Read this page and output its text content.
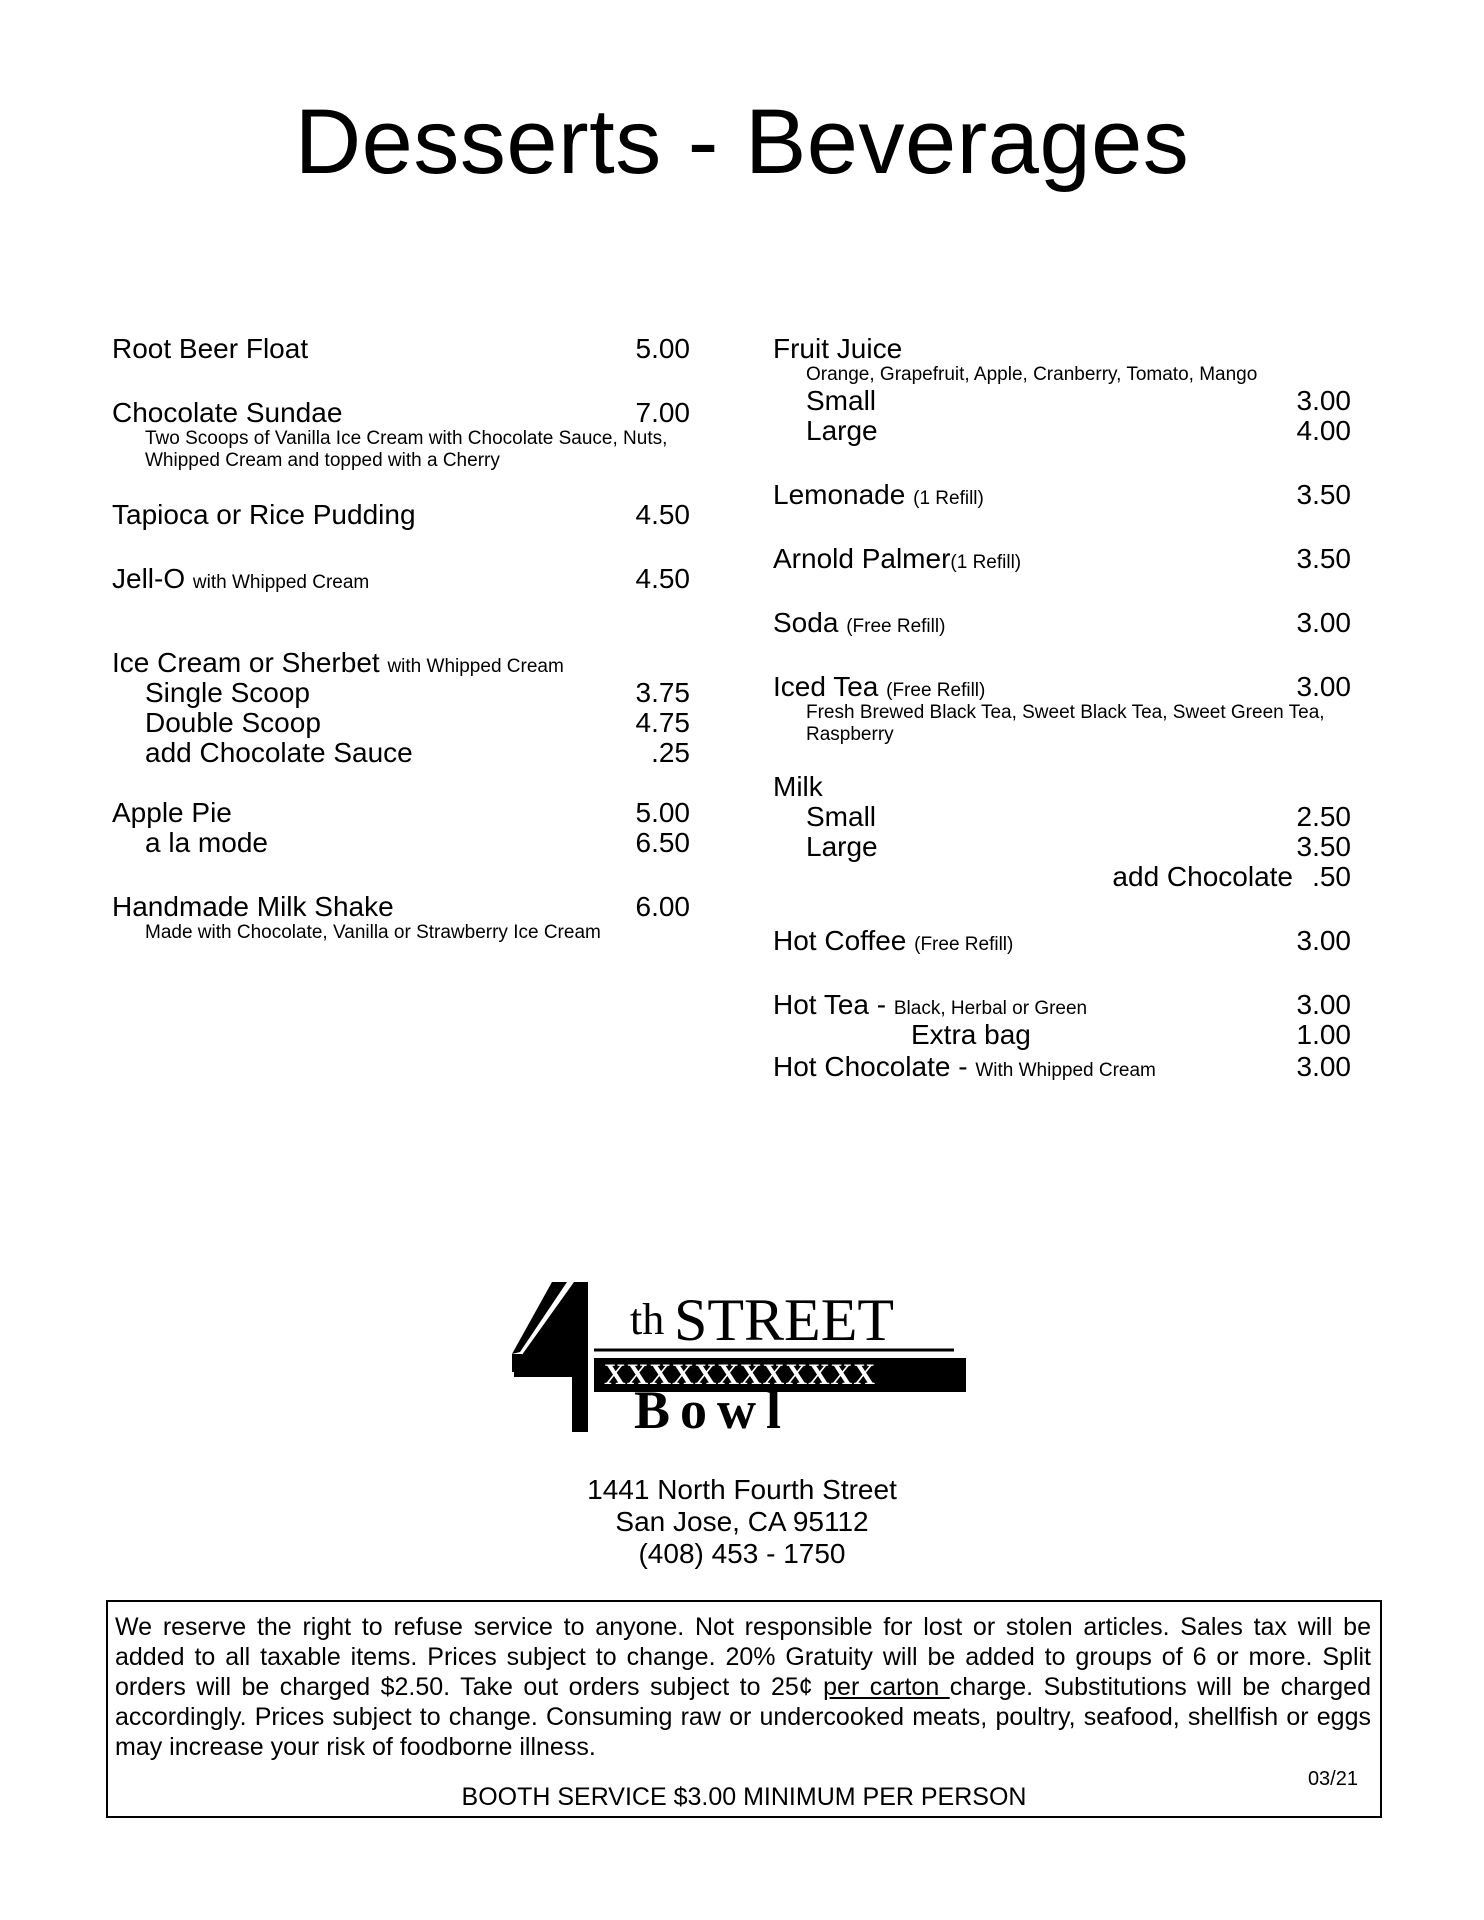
Desserts - Beverages
Root Beer Float	5.00
Chocolate Sundae	7.00
Two Scoops of Vanilla Ice Cream with Chocolate Sauce, Nuts,
Whipped Cream and topped with a Cherry
Tapioca or Rice Pudding	4.50
Jell-O with Whipped Cream	4.50
Ice Cream or Sherbet with Whipped Cream
Single Scoop	3.75
Double Scoop	4.75
add Chocolate Sauce	.25
Apple Pie	5.00
a la mode	6.50
Handmade Milk Shake	6.00
Made with Chocolate, Vanilla or Strawberry Ice Cream
Fruit Juice
Orange, Grapefruit, Apple, Cranberry, Tomato, Mango
Small	3.00
Large	4.00
Lemonade (1 Refill)	3.50
Arnold Palmer(1 Refill)	3.50
Soda (Free Refill)	3.00
Iced Tea (Free Refill)	3.00
Fresh Brewed Black Tea, Sweet Black Tea, Sweet Green Tea,
Raspberry
Milk
Small	2.50
Large	3.50
add Chocolate .50
Hot Coffee (Free Refill)	3.00
Hot Tea - Black, Herbal or Green	3.00
Extra bag	1.00
Hot Chocolate - With Whipped Cream	3.00
4
th STREET
XXXXXXXXXXXX
Bowl
1441 North Fourth Street
San Jose, CA 95112
(408) 453 - 1750
We reserve the right to refuse service to anyone. Not responsible for lost or stolen articles. Sales tax will be added to all taxable items. Prices subject to change. 20% Gratuity will be added to groups of 6 or more. Split orders will be charged $2.50. Take out orders subject to 25¢ per carton charge. Substitutions will be charged accordingly. Prices subject to change. Consuming raw or undercooked meats, poultry, seafood, shellfish or eggs may increase your risk of foodborne illness.
03/21
BOOTH SERVICE $3.00 MINIMUM PER PERSON
